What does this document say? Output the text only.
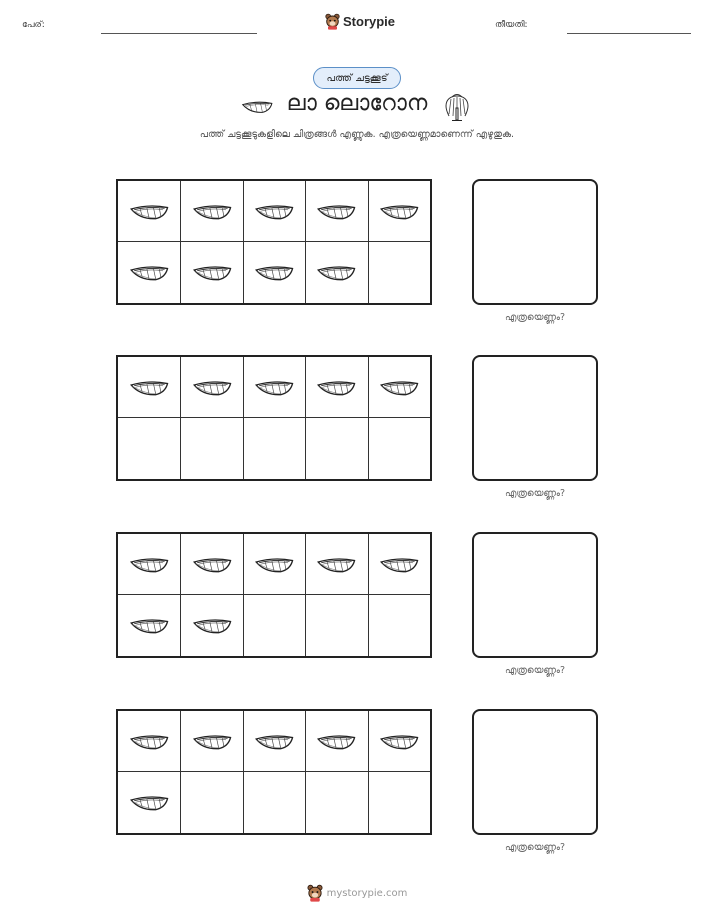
പേര്:	Storypie	തീയതി:
പത്ത് ചട്ടക്കൂട്
ലാ ലൊറോന
പത്ത് ചട്ടക്കൂടുകളിലെ ചിത്രങ്ങൾ എണ്ണുക. എത്രയെണ്ണമാണെന്ന് എഴുതുക.
എത്രയെണ്ണം?
എത്രയെണ്ണം?
എത്രയെണ്ണം?
എത്രയെണ്ണം?
mystorypie.com
